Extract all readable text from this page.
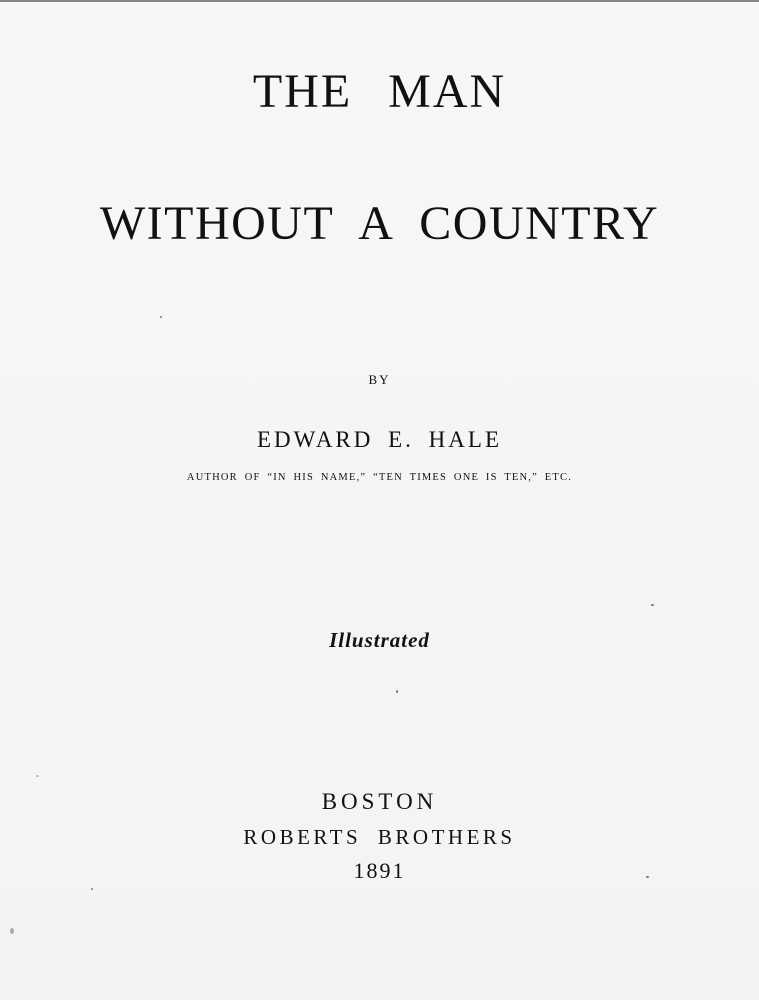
THE MAN
WITHOUT A COUNTRY
BY
EDWARD E. HALE
AUTHOR OF “IN HIS NAME,” “TEN TIMES ONE IS TEN,” ETC.
Illustrated
BOSTON
ROBERTS BROTHERS
1891
